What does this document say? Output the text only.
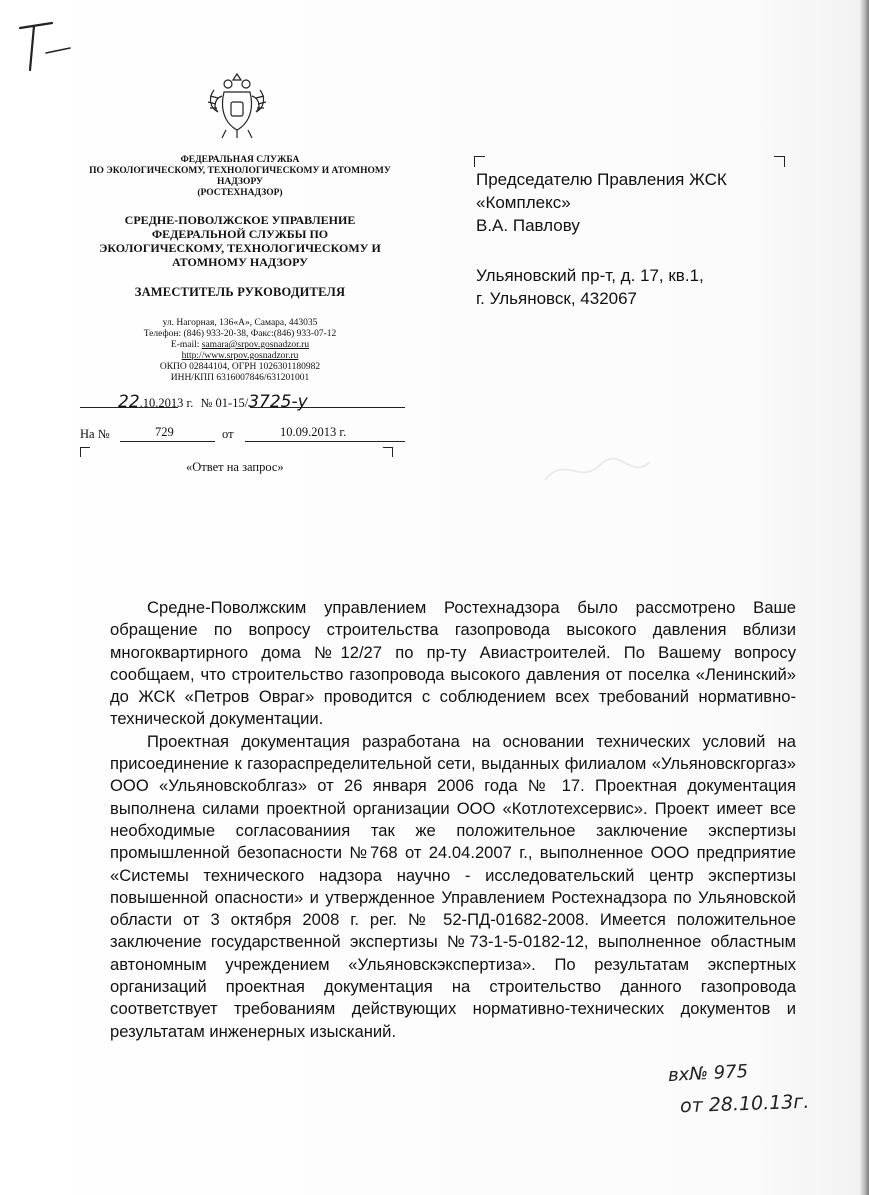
ФЕДЕРАЛЬНАЯ СЛУЖБА
ПО ЭКОЛОГИЧЕСКОМУ, ТЕХНОЛОГИЧЕСКОМУ И АТОМНОМУ
НАДЗОРУ
(РОСТЕХНАДЗОР)
СРЕДНЕ-ПОВОЛЖСКОЕ УПРАВЛЕНИЕ
ФЕДЕРАЛЬНОЙ СЛУЖБЫ ПО
ЭКОЛОГИЧЕСКОМУ, ТЕХНОЛОГИЧЕСКОМУ И
АТОМНОМУ НАДЗОРУ
ЗАМЕСТИТЕЛЬ РУКОВОДИТЕЛЯ
ул. Нагорная, 136«А», Самара, 443035
Телефон: (846) 933-20-38, Факс:(846) 933-07-12
E-mail: samara@srpov.gosnadzor.ru
http://www.srpov.gosnadzor.ru
ОКПО 02844104, ОГРН 1026301180982
ИНН/КПП 6316007846/631201001
22.10.2013 г. № 01-15/3725-у
На №	729	от	10.09.2013 г.
«Ответ на запрос»
Председателю Правления ЖСК
«Комплекс»
В.А. Павлову
Ульяновский пр-т, д. 17, кв.1,
г. Ульяновск, 432067

Средне-Поволжским управлением Ростехнадзора было рассмотрено Ваше обращение по вопросу строительства газопровода высокого давления вблизи многоквартирного дома №12/27 по пр-ту Авиастроителей. По Вашему вопросу сообщаем, что строительство газопровода высокого давления от поселка «Ленинский» до ЖСК «Петров Овраг» проводится с соблюдением всех требований нормативно-технической документации.

Проектная документация разработана на основании технических условий на присоединение к газораспределительной сети, выданных филиалом «Ульяновскгоргаз» ООО «Ульяновскоблгаз» от 26 января 2006 года № 17. Проектная документация выполнена силами проектной организации ООО «Котлотехсервис». Проект имеет все необходимые согласованиия так же положительное заключение экспертизы промышленной безопасности №768 от 24.04.2007 г., выполненное ООО предприятие «Системы технического надзора научно - исследовательский центр экспертизы повышенной опасности» и утвержденное Управлением Ростехнадзора по Ульяновской области от 3 октября 2008 г. рег. № 52-ПД-01682-2008. Имеется положительное заключение государственной экспертизы №73-1-5-0182-12, выполненное областным автономным учреждением «Ульяновскэкспертиза». По результатам экспертных организаций проектная документация на строительство данного газопровода соответствует требованиям действующих нормативно-технических документов и результатам инженерных изысканий.

вх№ 975
от 28.10.13г.
